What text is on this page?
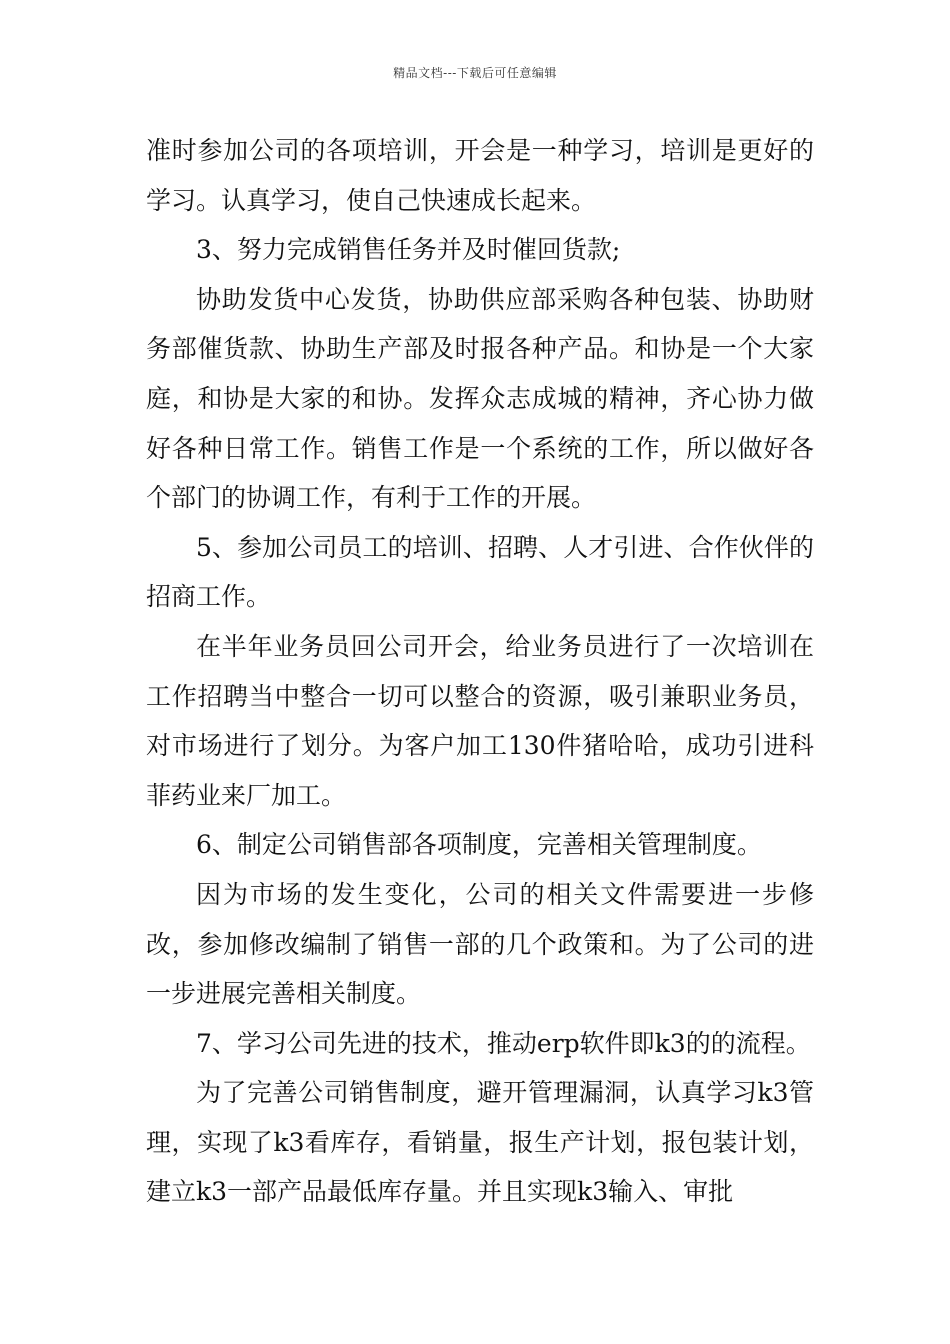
精品文档---下载后可任意编辑

准时参加公司的各项培训，开会是一种学习，培训是更好的学习。认真学习，使自己快速成长起来。

3、努力完成销售任务并及时催回货款;

协助发货中心发货，协助供应部采购各种包装、协助财务部催货款、协助生产部及时报各种产品。和协是一个大家庭，和协是大家的和协。发挥众志成城的精神，齐心协力做好各种日常工作。销售工作是一个系统的工作，所以做好各个部门的协调工作，有利于工作的开展。

5、参加公司员工的培训、招聘、人才引进、合作伙伴的招商工作。

在半年业务员回公司开会，给业务员进行了一次培训在工作招聘当中整合一切可以整合的资源，吸引兼职业务员，对市场进行了划分。为客户加工130件猪哈哈，成功引进科菲药业来厂加工。

6、制定公司销售部各项制度，完善相关管理制度。

因为市场的发生变化，公司的相关文件需要进一步修改，参加修改编制了销售一部的几个政策和。为了公司的进一步进展完善相关制度。

7、学习公司先进的技术，推动erp软件即k3的的流程。

为了完善公司销售制度，避开管理漏洞，认真学习k3管理，实现了k3看库存，看销量，报生产计划，报包装计划，建立k3一部产品最低库存量。并且实现k3输入、审批
